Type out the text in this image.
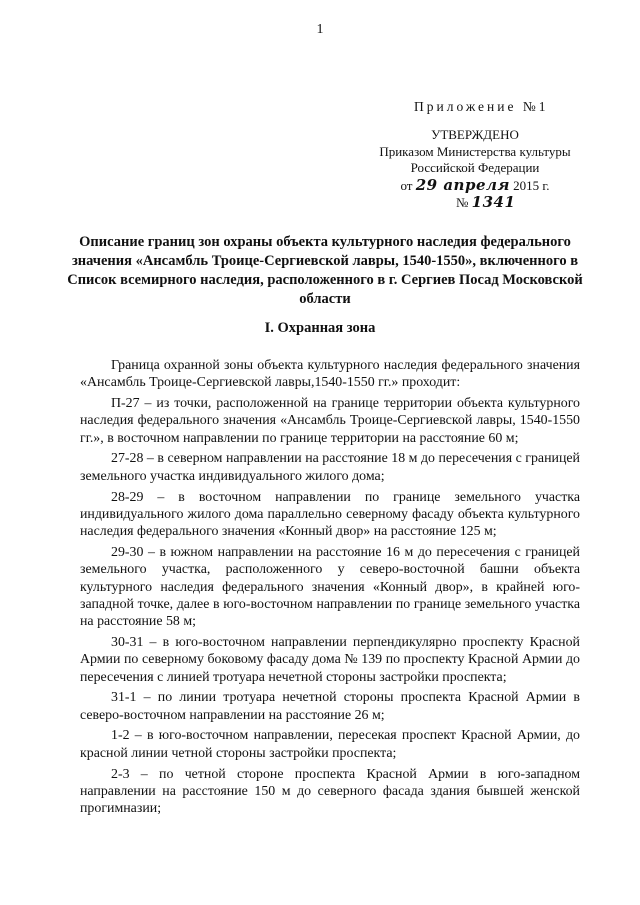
1
Приложение №1
УТВЕРЖДЕНО
Приказом Министерства культуры
Российской Федерации
от 29 апреля 2015 г.
№ 1341
Описание границ зон охраны объекта культурного наследия федерального значения «Ансамбль Троице-Сергиевской лавры, 1540-1550», включенного в Список всемирного наследия, расположенного в г. Сергиев Посад Московской области
I. Охранная зона

Граница охранной зоны объекта культурного наследия федерального значения «Ансамбль Троице-Сергиевской лавры,1540-1550 гг.» проходит:

П-27 – из точки, расположенной на границе территории объекта культурного наследия федерального значения «Ансамбль Троице-Сергиевской лавры, 1540-1550 гг.», в восточном направлении по границе территории на расстояние 60 м;

27-28 – в северном направлении на расстояние 18 м до пересечения с границей земельного участка индивидуального жилого дома;

28-29 – в восточном направлении по границе земельного участка индивидуального жилого дома параллельно северному фасаду объекта культурного наследия федерального значения «Конный двор» на расстояние 125 м;

29-30 – в южном направлении на расстояние 16 м до пересечения с границей земельного участка, расположенного у северо-восточной башни объекта культурного наследия федерального значения «Конный двор», в крайней юго-западной точке, далее в юго-восточном направлении по границе земельного участка на расстояние 58 м;

30-31 – в юго-восточном направлении перпендикулярно проспекту Красной Армии по северному боковому фасаду дома № 139 по проспекту Красной Армии до пересечения с линией тротуара нечетной стороны застройки проспекта;

31-1 – по линии тротуара нечетной стороны проспекта Красной Армии в северо-восточном направлении на расстояние 26 м;

1-2 – в юго-восточном направлении, пересекая проспект Красной Армии, до красной линии четной стороны застройки проспекта;

2-3 – по четной стороне проспекта Красной Армии в юго-западном направлении на расстояние 150 м до северного фасада здания бывшей женской прогимназии;
